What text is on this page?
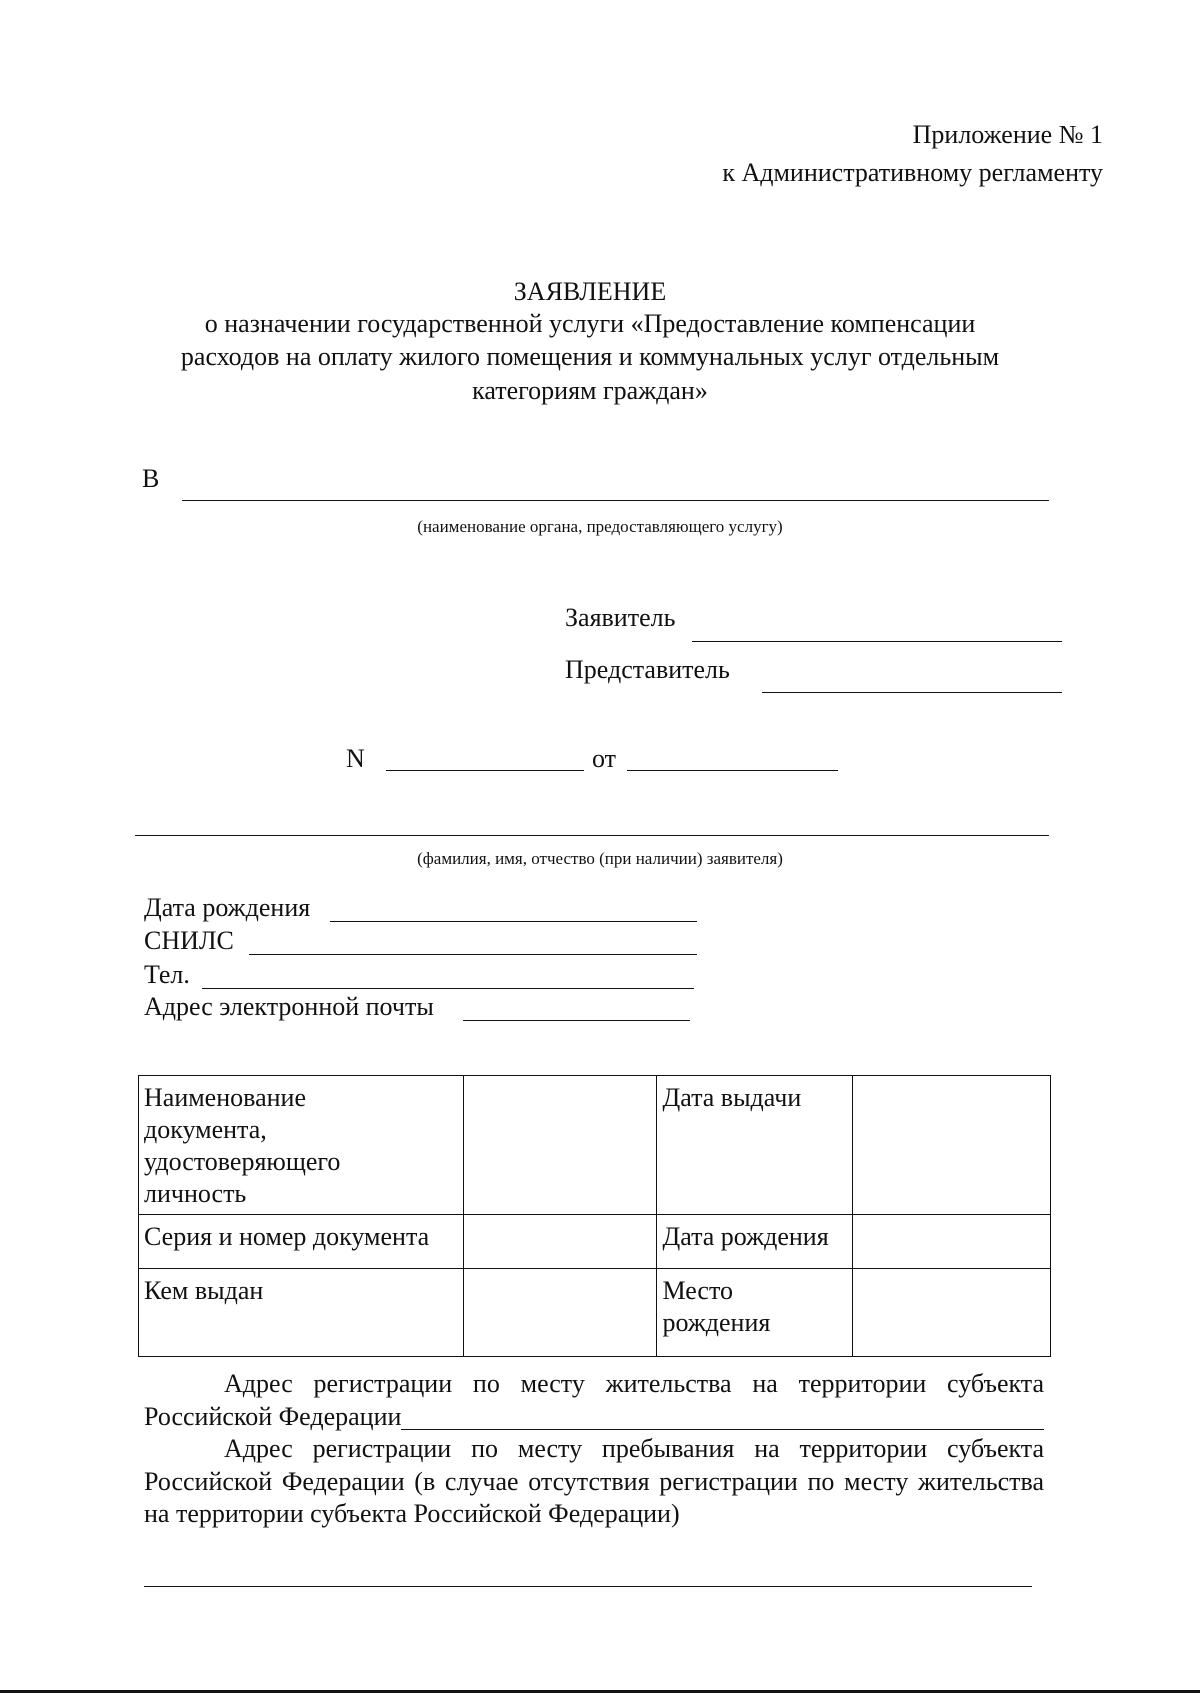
Приложение № 1
к Административному регламенту
ЗАЯВЛЕНИЕ
о назначении государственной услуги «Предоставление компенсации
расходов на оплату жилого помещения и коммунальных услуг отдельным
категориям граждан»
В
(наименование органа, предоставляющего услугу)
Заявитель
Представитель
N	от
(фамилия, имя, отчество (при наличии) заявителя)
Дата рождения
СНИЛС
Тел.
Адрес электронной почты
Наименование документа, удостоверяющего личность		Дата выдачи	
Серия и номер документа		Дата рождения	
Кем выдан		Место рождения	
Адрес регистрации по месту жительства на территории субъекта
Российской Федерации
Адрес регистрации по месту пребывания на территории субъекта Российской Федерации (в случае отсутствия регистрации по месту жительства на территории субъекта Российской Федерации)
